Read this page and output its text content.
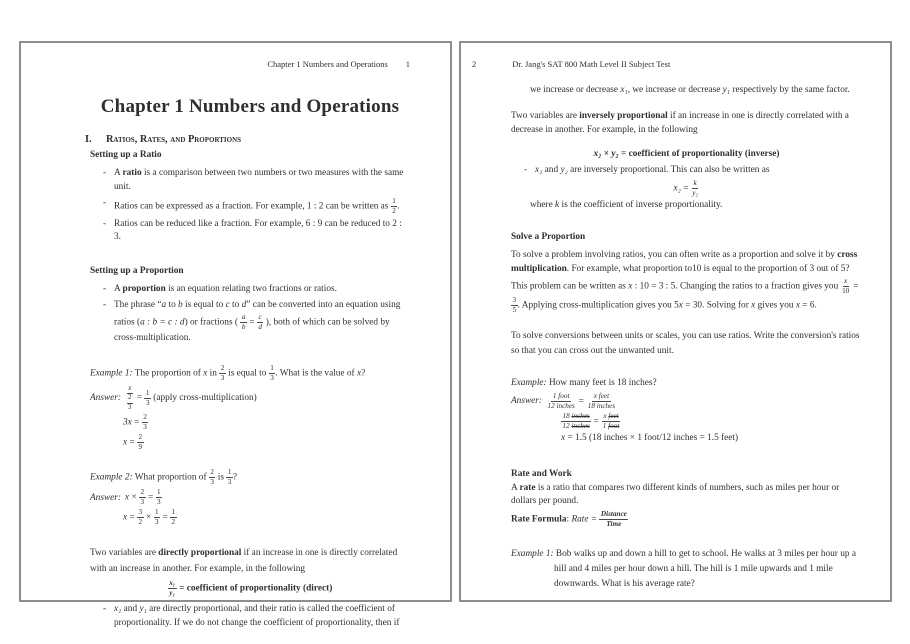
Chapter 1 Numbers and Operations 1
Chapter 1 Numbers and Operations
I. Ratios, Rates, and Proportions
Setting up a Ratio
- A ratio is a comparison between two numbers or two measures with the same unit.
- Ratios can be expressed as a fraction. For example, 1 : 2 can be written as $\frac{1}{2}$ .
- Ratios can be reduced like a fraction. For example, 6 : 9 can be reduced to 2 : 3.
Setting up a Proportion
- A proportion is an equation relating two fractions or ratios.
- The phrase “a to b is equal to c to d” can be converted into an equation using ratios (a : b = c : d) or fractions ( $\frac{a}{b} = \frac{c}{d}$ ), both of which can be solved by cross-multiplication.
Example 1: The proportion of x in $\frac{2}{3}$ is equal to $\frac{1}{3}$ . What is the value of x?
Answer: $\frac{x}{\frac{2}{3}} = \frac{1}{3}$ (apply cross-multiplication)
$3x = \frac{2}{3}$
$x = \frac{2}{9}$
Example 2: What proportion of $\frac{2}{3}$ is $\frac{1}{3}$ ?
Answer: $x \times \frac{2}{3} = \frac{1}{3}$
$x = \frac{3}{2} \times \frac{1}{3} = \frac{1}{2}$
Two variables are directly proportional if an increase in one is directly correlated with an increase in another. For example, in the following
$\frac{\text{x₁}}{\text{y₁}}$ = coefficient of proportionality (direct)
- x₁ and y₁ are directly proportional, and their ratio is called the coefficient of proportionality. If we do not change the coefficient of proportionality, then if
2	Dr. Jang's SAT 800 Math Level II Subject Test
we increase or decrease x₁, we increase or decrease y₁ respectively by the same factor.
Two variables are inversely proportional if an increase in one is directly correlated with a decrease in another. For example, in the following
x₂ × y₂ = coefficient of proportionality (inverse)
- x₂ and y₂ are inversely proportional. This can also be written as
$x_2 = \frac{k}{\text{y₂}}$
where k is the coefficient of inverse proportionality.
Solve a Proportion
To solve a problem involving ratios, you can often write as a proportion and solve it by cross multiplication. For example, what proportion to10 is equal to the proportion of 3 out of 5? This problem can be written as x : 10 = 3 : 5. Changing the ratios to a fraction gives you $\frac{x}{10}$ =
$\frac{3}{5}$ . Applying cross-multiplication gives you 5x = 30. Solving for x gives you x = 6.
To solve conversions between units or scales, you can use ratios. Write the conversion's ratios so that you can cross out the unwanted unit.
Example: How many feet is 18 inches?
Answer:
1 foot
12 inches =
x feet
18 inches
18 inches
12 inches =
x feet
1 foot
x = 1.5 (18 inches × 1 foot/12 inches = 1.5 feet)
Rate and Work
A rate is a ratio that compares two different kinds of numbers, such as miles per hour or dollars per pound.
Rate Formula: Rate =
Distance
Time
Example 1: Bob walks up and down a hill to get to school. He walks at 3 miles per hour up a hill and 4 miles per hour down a hill. The hill is 1 mile upwards and 1 mile downwards. What is his average rate?
